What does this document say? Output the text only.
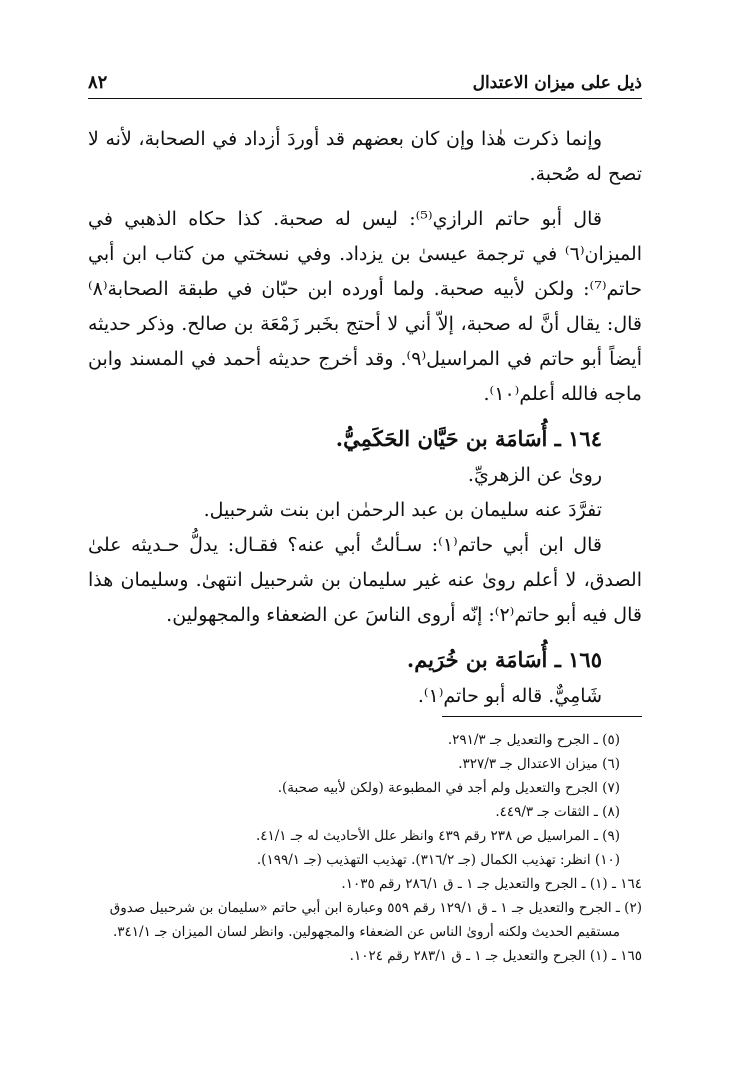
ذيل على ميزان الاعتدال
٨٢

وإنما ذكرت هٰذا وإن كان بعضهم قد أوردَ أزداد في الصحابة، لأنه لا تصح له صُحبة.

قال أبو حاتم الرازي⁽⁵⁾: ليس له صحبة. كذا حكاه الذهبي في الميزان⁽٦⁾ في ترجمة عيسىٰ بن يزداد. وفي نسختي من كتاب ابن أبي حاتم⁽⁷⁾: ولكن لأبيه صحبة. ولما أورده ابن حبّان في طبقة الصحابة⁽٨⁾ قال: يقال أنَّ له صحبة، إلاّ أني لا أحتج بخَبر زَمْعَة بن صالح. وذكر حديثه أيضاً أبو حاتم في المراسيل⁽٩⁾. وقد أخرج حديثه أحمد في المسند وابن ماجه فالله أعلم⁽١٠⁾.

١٦٤ ـ أُسَامَة بن حَيَّان الحَكَمِيُّ.

روىٰ عن الزهريِّ.

تفرَّدَ عنه سليمان بن عبد الرحمٰن ابن بنت شرحبيل.

قال ابن أبي حاتم⁽١⁾: سـألتُ أبي عنه؟ فقـال: يدلُّ حـديثه علىٰ الصدق، لا أعلم روىٰ عنه غير سليمان بن شرحبيل انتهىٰ. وسليمان هذا قال فيه أبو حاتم⁽٢⁾: إنّه أروى الناسَ عن الضعفاء والمجهولين.

١٦٥ ـ أُسَامَة بن خُرَيم.

شَامِيٌّ. قاله أبو حاتم⁽١⁾.

(٥) ـ الجرح والتعديل جـ ٢٩١/٣.

(٦) ميزان الاعتدال جـ ٣٢٧/٣.

(٧) الجرح والتعديل ولم أجد في المطبوعة (ولكن لأبيه صحبة).

(٨) ـ الثقات جـ ٤٤٩/٣.

(٩) ـ المراسيل ص ٢٣٨ رقم ٤٣٩ وانظر علل الأحاديث له جـ ٤١/١.

(١٠) انظر: تهذيب الكمال (جـ ٣١٦/٢). تهذيب التهذيب (جـ ١٩٩/١).

١٦٤ ـ (١) ـ الجرح والتعديل جـ ١ ـ ق ٢٨٦/١ رقم ١٠٣٥.

(٢) ـ الجرح والتعديل جـ ١ ـ ق ١٢٩/١ رقم ٥٥٩ وعبارة ابن أبي حاتم «سليمان بن شرحبيل صدوق مستقيم الحديث ولكنه أروىٰ الناس عن الضعفاء والمجهولين. وانظر لسان الميزان جـ ٣٤١/١.

١٦٥ ـ (١) الجرح والتعديل جـ ١ ـ ق ٢٨٣/١ رقم ١٠٢٤.
